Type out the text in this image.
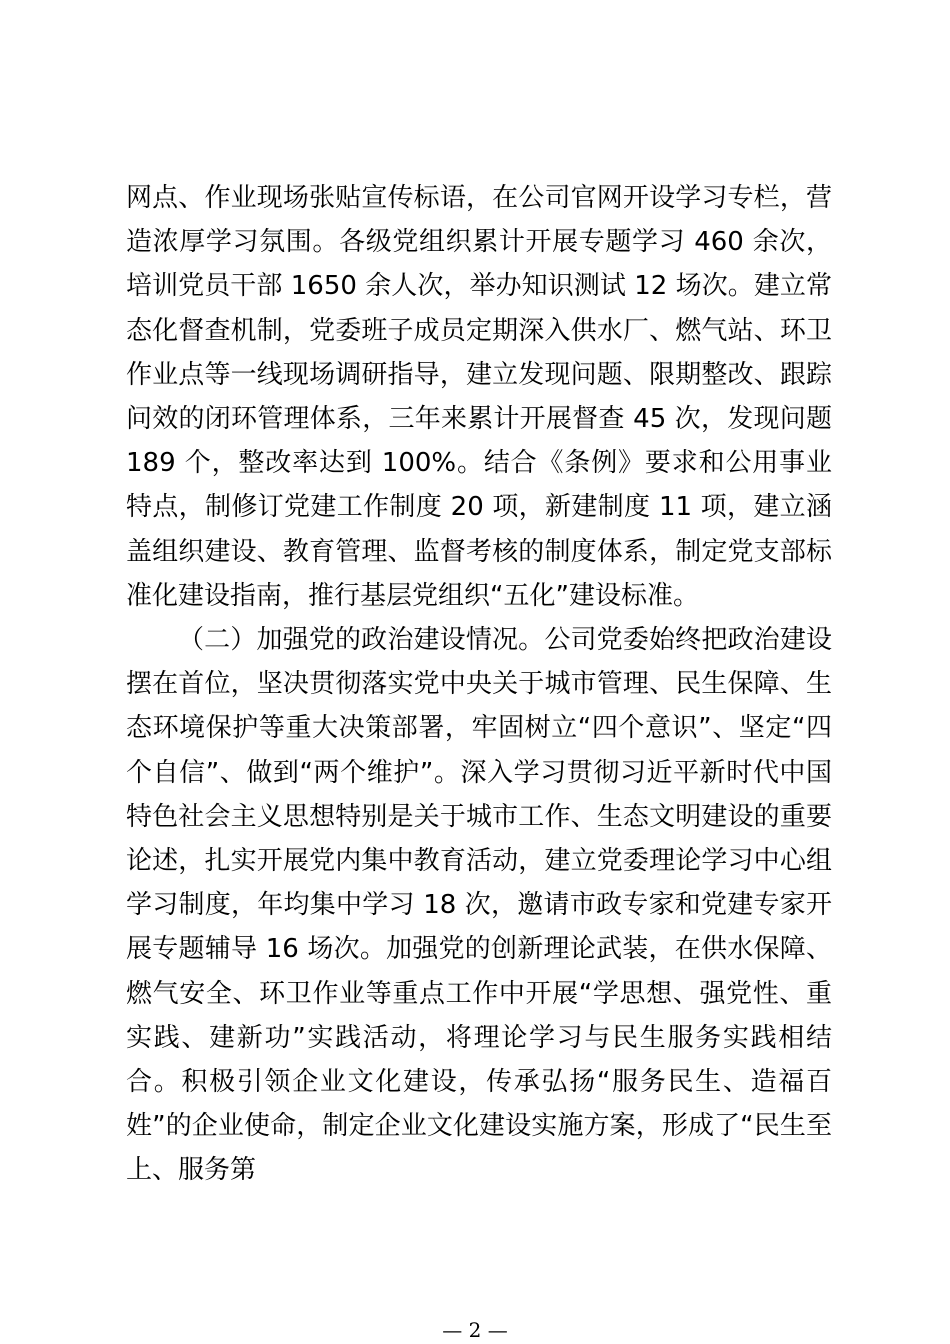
网点、作业现场张贴宣传标语，在公司官网开设学习专栏，营造浓厚学习氛围。各级党组织累计开展专题学习 460 余次，培训党员干部 1650 余人次，举办知识测试 12 场次。建立常态化督查机制，党委班子成员定期深入供水厂、燃气站、环卫作业点等一线现场调研指导，建立发现问题、限期整改、跟踪问效的闭环管理体系，三年来累计开展督查 45 次，发现问题 189 个，整改率达到 100%。结合《条例》要求和公用事业特点，制修订党建工作制度 20 项，新建制度 11 项，建立涵盖组织建设、教育管理、监督考核的制度体系，制定党支部标准化建设指南，推行基层党组织“五化”建设标准。

（二）加强党的政治建设情况。公司党委始终把政治建设摆在首位，坚决贯彻落实党中央关于城市管理、民生保障、生态环境保护等重大决策部署，牢固树立“四个意识”、坚定“四个自信”、做到“两个维护”。深入学习贯彻习近平新时代中国特色社会主义思想特别是关于城市工作、生态文明建设的重要论述，扎实开展党内集中教育活动，建立党委理论学习中心组学习制度，年均集中学习 18 次，邀请市政专家和党建专家开展专题辅导 16 场次。加强党的创新理论武装，在供水保障、燃气安全、环卫作业等重点工作中开展“学思想、强党性、重实践、建新功”实践活动，将理论学习与民生服务实践相结合。积极引领企业文化建设，传承弘扬“服务民生、造福百姓”的企业使命，制定企业文化建设实施方案，形成了“民生至上、服务第

— 2 —
